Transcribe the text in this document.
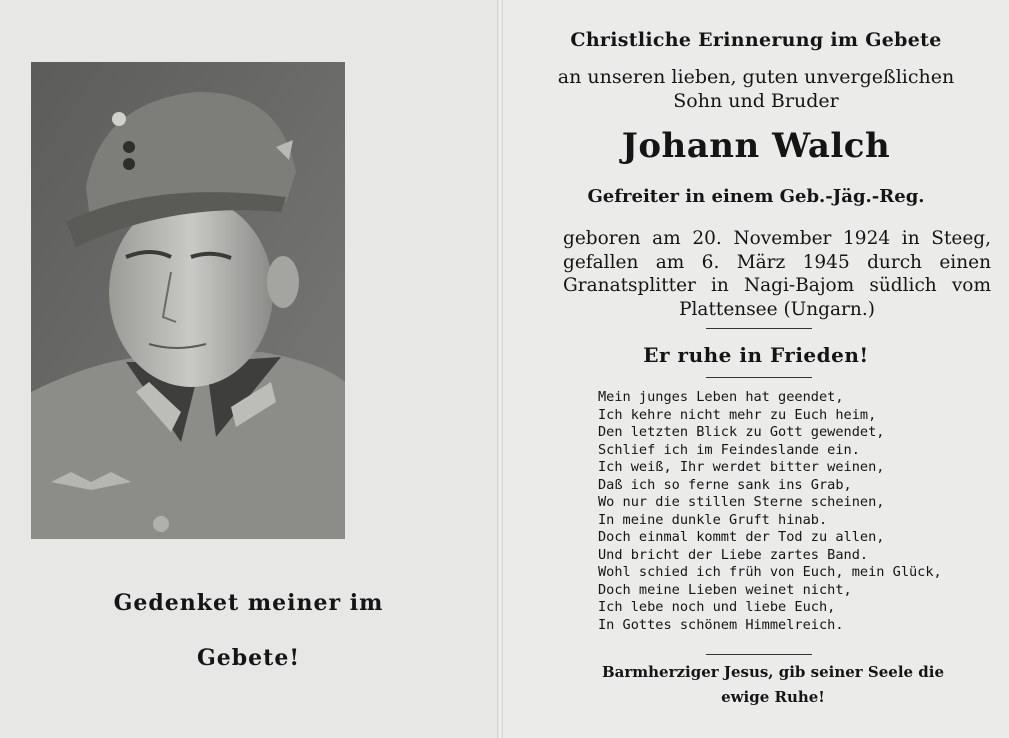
Gedenket meiner im
Gebete!
Christliche Erinnerung im Gebete
an unseren lieben, guten unvergeßlichen
Sohn und Bruder
Johann Walch
Gefreiter in einem Geb.-Jäg.-Reg.
geboren am 20. November 1924 in Steeg,
gefallen am 6. März 1945 durch einen
Granatsplitter in Nagi-Bajom südlich vom
Plattensee (Ungarn.)
Er ruhe in Frieden!
Mein junges Leben hat geendet,
Ich kehre nicht mehr zu Euch heim,
Den letzten Blick zu Gott gewendet,
Schlief ich im Feindeslande ein.
Ich weiß, Ihr werdet bitter weinen,
Daß ich so ferne sank ins Grab,
Wo nur die stillen Sterne scheinen,
In meine dunkle Gruft hinab.
Doch einmal kommt der Tod zu allen,
Und bricht der Liebe zartes Band.
Wohl schied ich früh von Euch, mein Glück,
Doch meine Lieben weinet nicht,
Ich lebe noch und liebe Euch,
In Gottes schönem Himmelreich.
Barmherziger Jesus, gib seiner Seele die
ewige Ruhe!
